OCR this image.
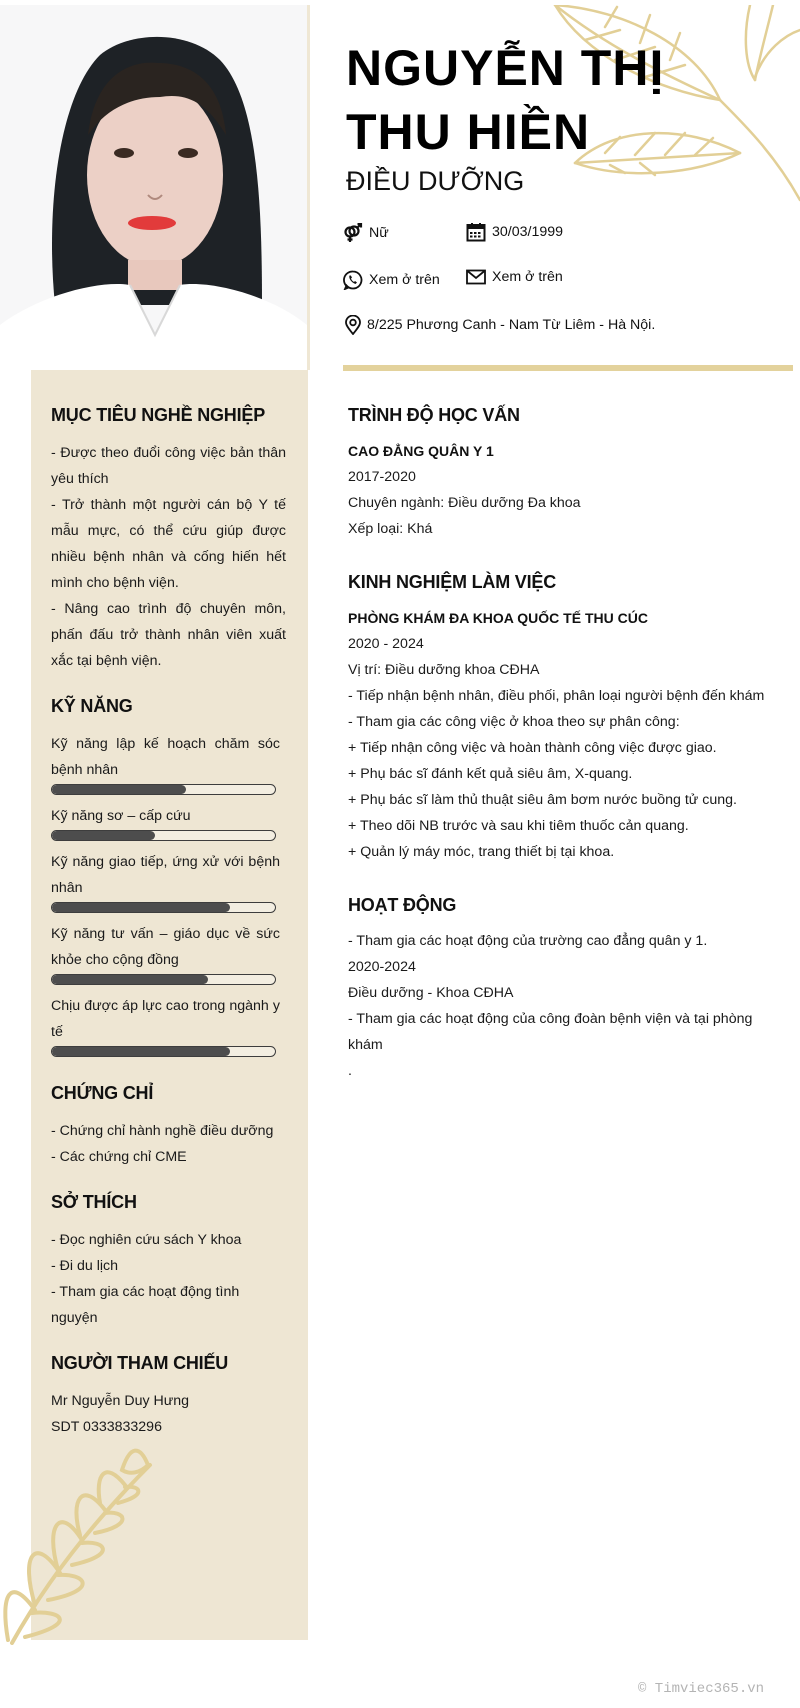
MỤC TIÊU NGHỀ NGHIỆP
- Được theo đuổi công việc bản thân yêu thích
- Trở thành một người cán bộ Y tế mẫu mực, có thể cứu giúp được nhiều bệnh nhân và cống hiến hết mình cho bệnh viện.
- Nâng cao trình độ chuyên môn, phấn đấu trở thành nhân viên xuất xắc tại bệnh viện.
KỸ NĂNG
Kỹ năng lập kế hoạch chăm sóc bệnh nhân
Kỹ năng sơ – cấp cứu
Kỹ năng giao tiếp, ứng xử với bệnh nhân
Kỹ năng tư vấn – giáo dục về sức khỏe cho cộng đồng
Chịu được áp lực cao trong ngành y tế
CHỨNG CHỈ
- Chứng chỉ hành nghề điều dưỡng
- Các chứng chỉ CME
SỞ THÍCH
- Đọc nghiên cứu sách Y khoa
- Đi du lịch
- Tham gia các hoạt động tình nguyện
NGƯỜI THAM CHIẾU
Mr Nguyễn Duy Hưng
SDT 0333833296
NGUYỄN THỊ
THU HIỀN
ĐIỀU DƯỠNG
Nữ	30/03/1999
Xem ở trên	Xem ở trên
8/225 Phương Canh - Nam Từ Liêm - Hà Nội.
TRÌNH ĐỘ HỌC VẤN
CAO ĐẲNG QUÂN Y 1
2017-2020
Chuyên ngành: Điều dưỡng Đa khoa
Xếp loại: Khá
KINH NGHIỆM LÀM VIỆC
PHÒNG KHÁM ĐA KHOA QUỐC TẾ THU CÚC
2020 - 2024
Vị trí: Điều dưỡng khoa CĐHA
- Tiếp nhận bệnh nhân, điều phối, phân loại người bệnh đến khám
- Tham gia các công việc ở khoa theo sự phân công:
+ Tiếp nhận công việc và hoàn thành công việc được giao.
+ Phụ bác sĩ đánh kết quả siêu âm, X-quang.
+ Phụ bác sĩ làm thủ thuật siêu âm bơm nước buồng tử cung.
+ Theo dõi NB trước và sau khi tiêm thuốc cản quang.
+ Quản lý máy móc, trang thiết bị tại khoa.
HOẠT ĐỘNG
- Tham gia các hoạt động của trường cao đẳng quân y 1.
2020-2024
Điều dưỡng - Khoa CĐHA
- Tham gia các hoạt động của công đoàn bệnh viện và tại phòng khám
.
© Timviec365.vn
